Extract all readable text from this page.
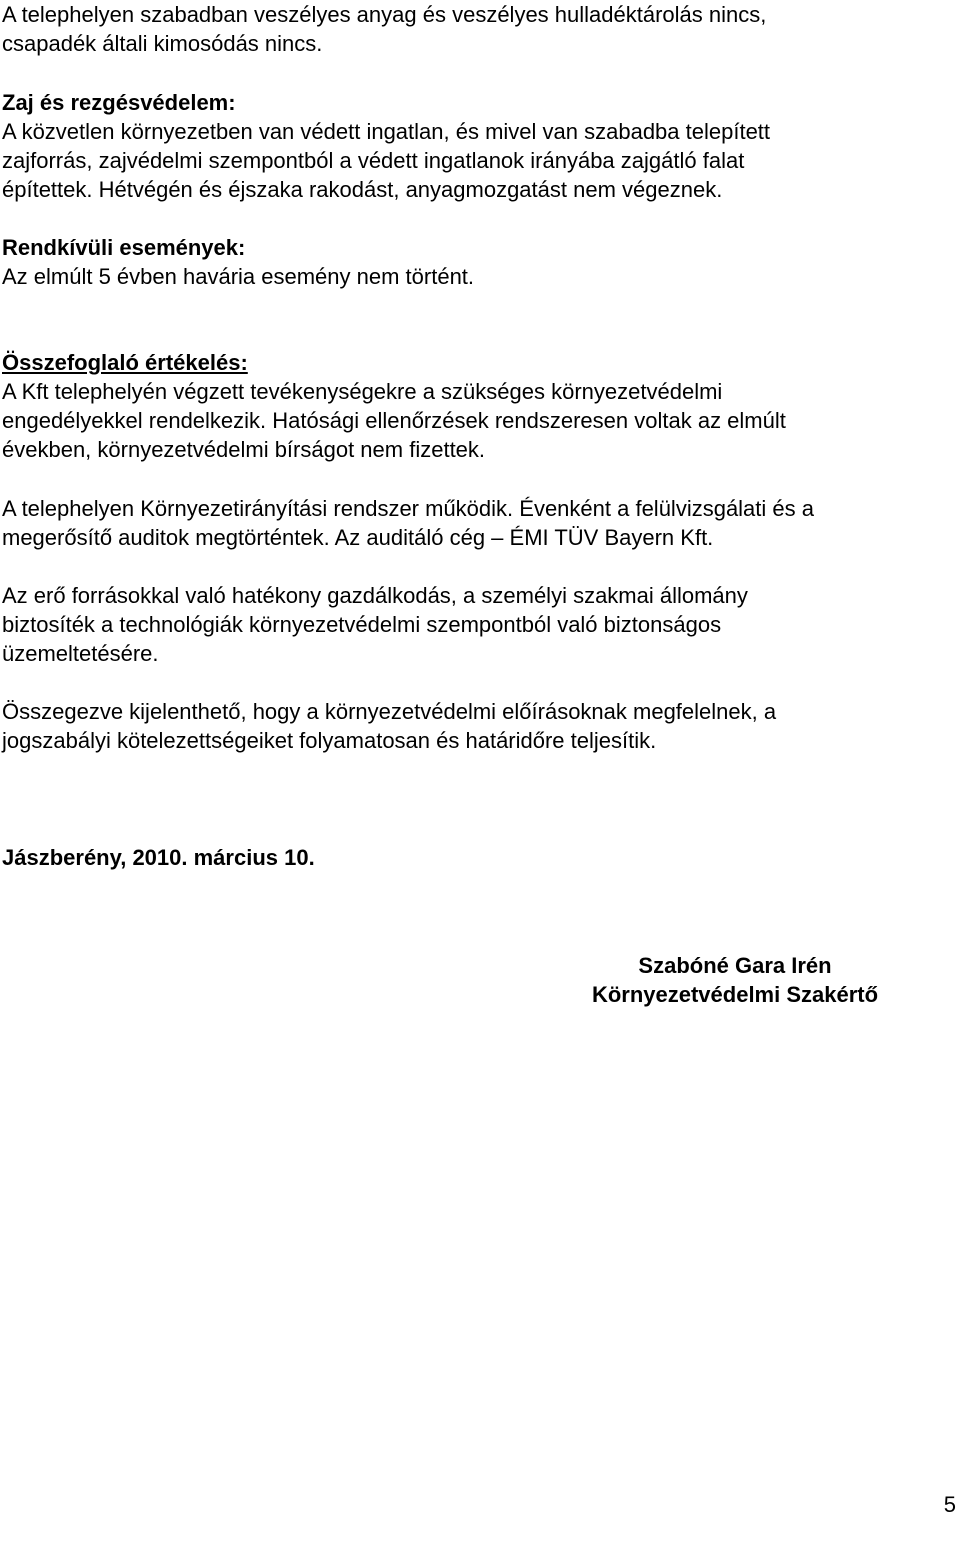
A telephelyen szabadban veszélyes anyag és veszélyes hulladéktárolás nincs,

csapadék általi kimosódás nincs.

Zaj és rezgésvédelem:

A közvetlen környezetben van védett ingatlan, és mivel van szabadba telepített

zajforrás, zajvédelmi szempontból a védett ingatlanok irányába zajgátló falat

építettek. Hétvégén és éjszaka rakodást, anyagmozgatást nem végeznek.

Rendkívüli események:

Az elmúlt 5 évben havária esemény nem történt.

Összefoglaló értékelés:

A Kft telephelyén végzett tevékenységekre a szükséges környezetvédelmi

engedélyekkel rendelkezik. Hatósági ellenőrzések rendszeresen voltak az elmúlt

években, környezetvédelmi bírságot nem fizettek.

A telephelyen Környezetirányítási rendszer működik. Évenként a felülvizsgálati és a

megerősítő auditok megtörténtek. Az auditáló cég – ÉMI TÜV Bayern Kft.

Az erő forrásokkal való hatékony gazdálkodás, a személyi szakmai állomány

biztosíték a technológiák környezetvédelmi szempontból való biztonságos

üzemeltetésére.

Összegezve kijelenthető, hogy a környezetvédelmi előírásoknak megfelelnek, a

jogszabályi kötelezettségeiket folyamatosan és határidőre teljesítik.

Jászberény, 2010. március 10.

Szabóné Gara Irén

Környezetvédelmi Szakértő

5
